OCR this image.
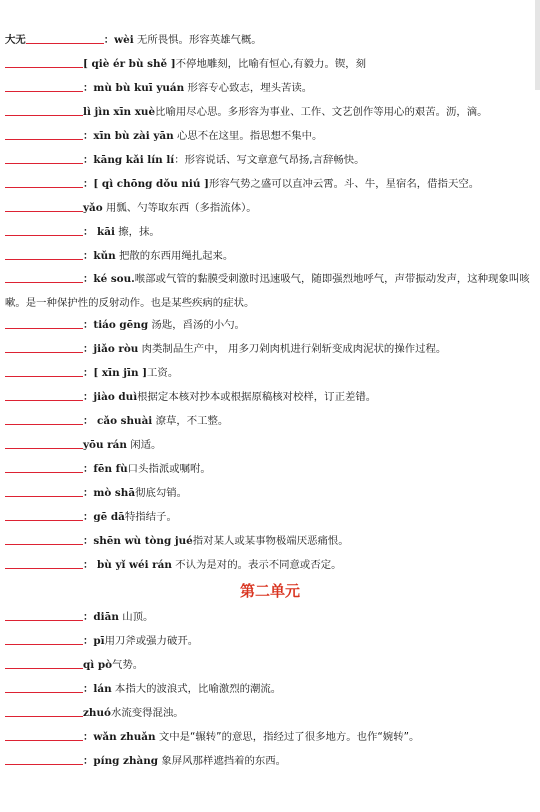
大无	：wèi 无所畏惧。形容英雄气概。
[ qiè ér bù shě ]不停地雕刻，比喻有恒心,有毅力。锲，刻
：mù bù kuī yuán 形容专心致志，埋头苦读。
lì jìn xīn xuè比喻用尽心思。多形容为事业、工作、文艺创作等用心的艰苦。沥，滴。
：xīn bù zài yān 心思不在这里。指思想不集中。
：kāng kǎi lín lí：形容说话、写文章意气昂扬,言辞畅快。
：[ qì chōng dǒu niú ]形容气势之盛可以直冲云霄。斗、牛，星宿名，借指天空。
yǎo 用瓢、勺等取东西（多指流体）。
： kāi 擦，抹。
：kǔn 把散的东西用绳扎起来。
：ké sou.喉部或气管的黏膜受刺激时迅速吸气，随即强烈地呼气，声带振动发声，这种现象叫咳嗽。是一种保护性的反射动作。也是某些疾病的症状。
：tiáo gēng 汤匙，舀汤的小勺。
：jiǎo ròu 肉类制品生产中， 用多刀剁肉机进行剁斩变成肉泥状的操作过程。
：[ xīn jīn ]工资。
：jiào duì根据定本核对抄本或根据原稿核对校样，订正差错。
： cǎo shuài 潦草，不工整。
yōu rán 闲适。
：fēn fù口头指派或嘱咐。
：mò shā彻底勾销。
：gē dā特指结子。
：shēn wù tòng jué指对某人或某事物极端厌恶痛恨。
： bù yǐ wéi rán 不认为是对的。表示不同意或否定。
第二单元
：diān 山顶。
：pī用刀斧或强力破开。
qì pò气势。
：lán 本指大的波浪式，比喻激烈的潮流。
zhuó水流变得混浊。
：wǎn zhuǎn 文中是“辗转”的意思，指经过了很多地方。也作“婉转”。
：píng zhàng 象屏风那样遮挡着的东西。
